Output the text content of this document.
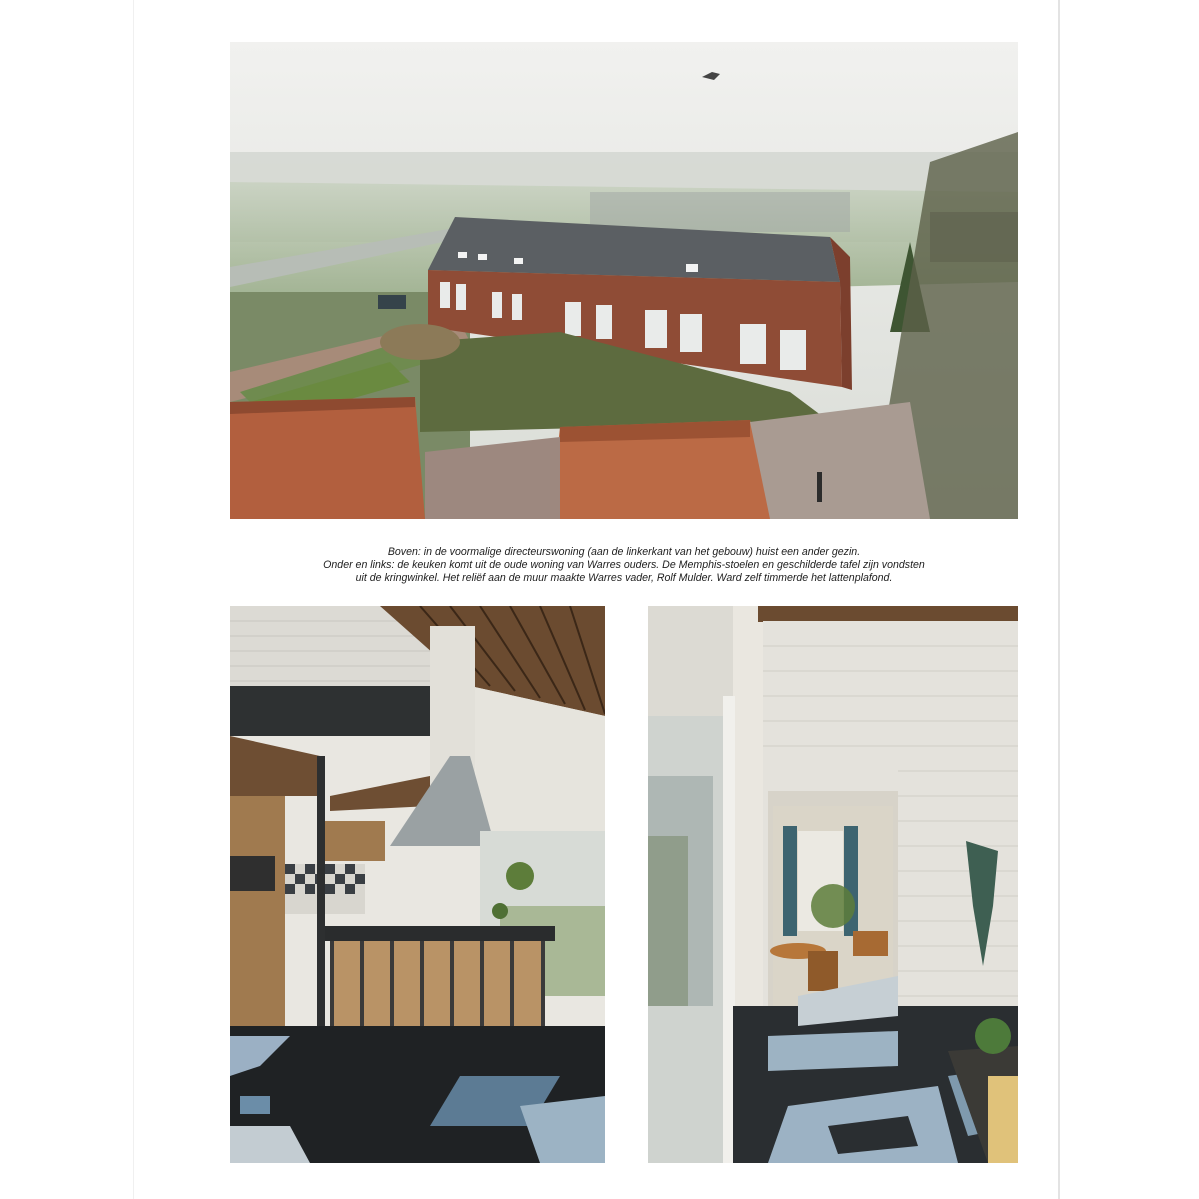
Boven: in de voormalige directeurswoning (aan de linkerkant van het gebouw) huist een ander gezin.
Onder en links: de keuken komt uit de oude woning van Warres ouders. De Memphis-stoelen en geschilderde tafel zijn vondsten
uit de kringwinkel. Het reliëf aan de muur maakte Warres vader, Rolf Mulder. Ward zelf timmerde het lattenplafond.
